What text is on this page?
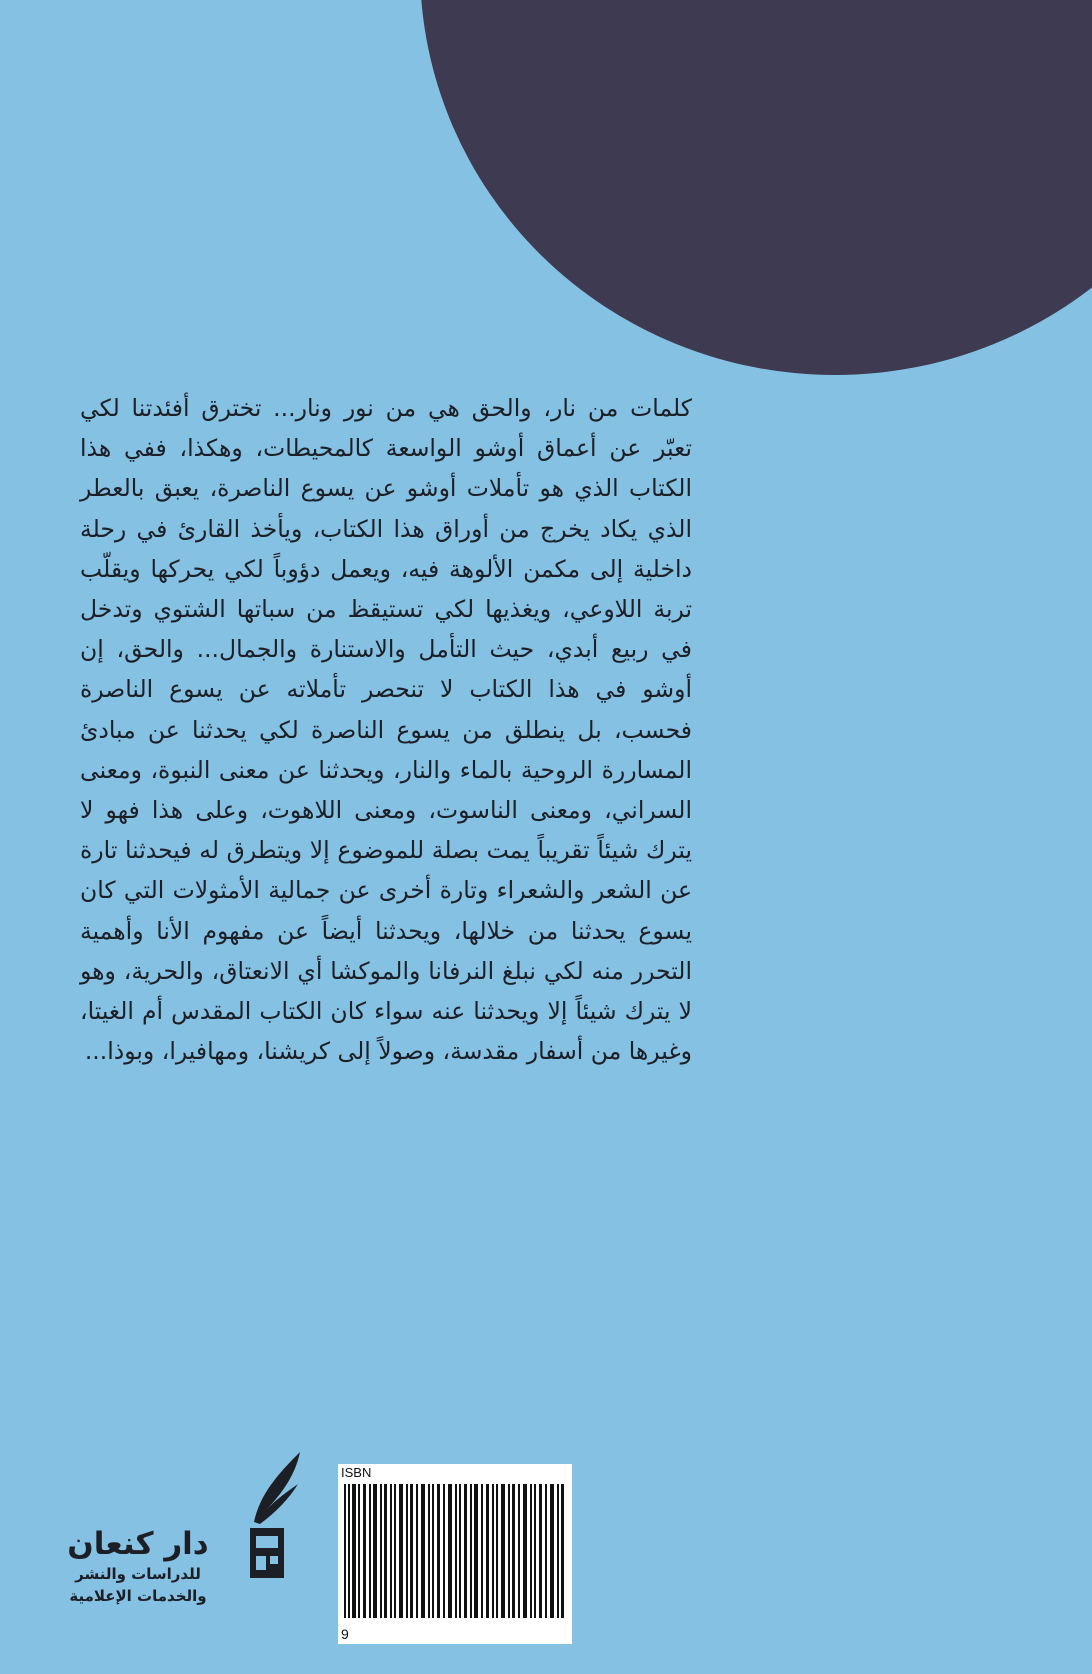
كلمات من نار، والحق هي من نور ونار... تخترق أفئدتنا لكي تعبّر عن أعماق أوشو الواسعة كالمحيطات، وهكذا، ففي هذا الكتاب الذي هو تأملات أوشو عن يسوع الناصرة، يعبق بالعطر الذي يكاد يخرج من أوراق هذا الكتاب، ويأخذ القارئ في رحلة داخلية إلى مكمن الألوهة فيه، ويعمل دؤوباً لكي يحركها ويقلّب تربة اللاوعي، ويغذيها لكي تستيقظ من سباتها الشتوي وتدخل في ربيع أبدي، حيث التأمل والاستنارة والجمال... والحق، إن أوشو في هذا الكتاب لا تنحصر تأملاته عن يسوع الناصرة فحسب، بل ينطلق من يسوع الناصرة لكي يحدثنا عن مبادئ المساررة الروحية بالماء والنار، ويحدثنا عن معنى النبوة، ومعنى السراني، ومعنى الناسوت، ومعنى اللاهوت، وعلى هذا فهو لا يترك شيئاً تقريباً يمت بصلة للموضوع إلا ويتطرق له فيحدثنا تارة عن الشعر والشعراء وتارة أخرى عن جمالية الأمثولات التي كان يسوع يحدثنا من خلالها، ويحدثنا أيضاً عن مفهوم الأنا وأهمية التحرر منه لكي نبلغ النرفانا والموكشا أي الانعتاق، والحرية، وهو لا يترك شيئاً إلا ويحدثنا عنه سواء كان الكتاب المقدس أم الغيتا، وغيرها من أسفار مقدسة، وصولاً إلى كريشنا، ومهافيرا، وبوذا...

دار كنعان
للدراسات والنشر
والخدمات الإعلامية
ISBN
9
